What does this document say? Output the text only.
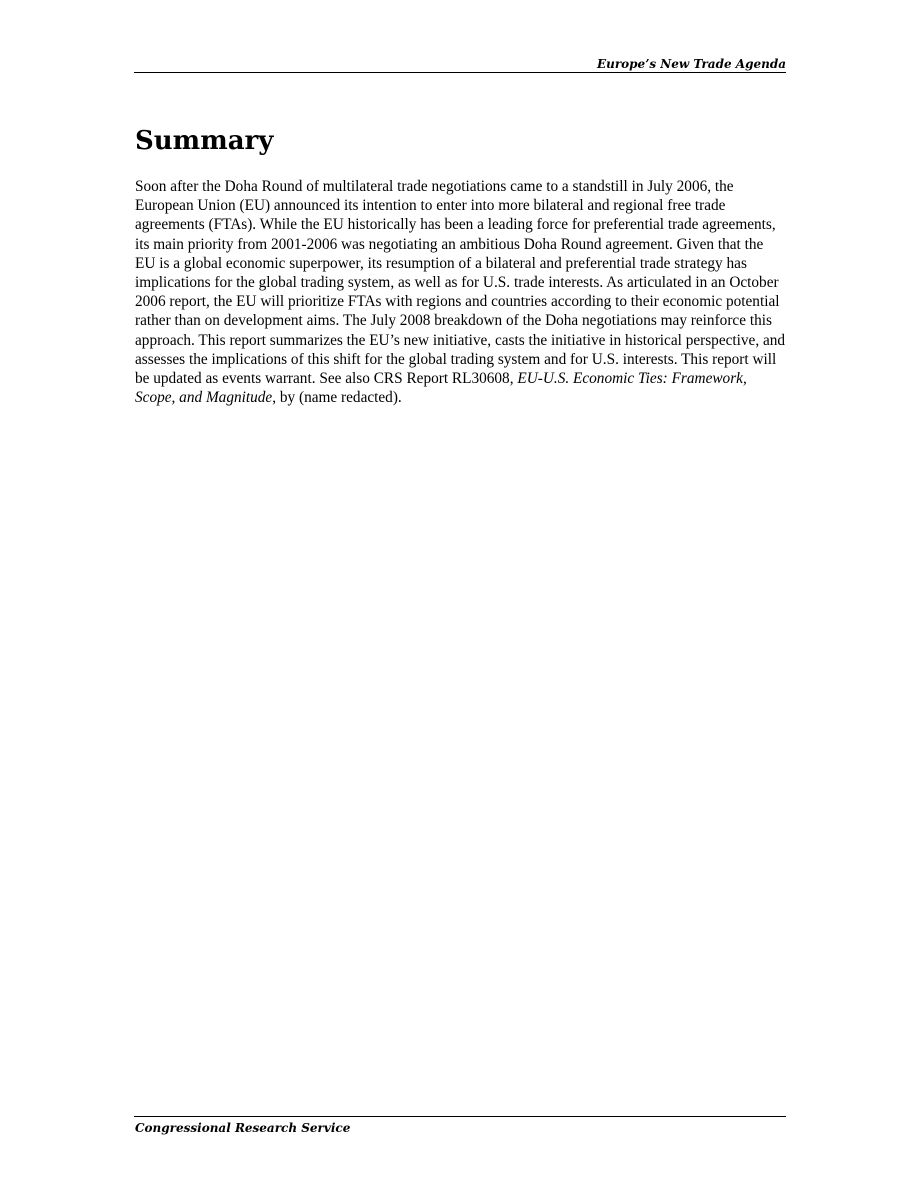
Europe’s New Trade Agenda
Summary

Soon after the Doha Round of multilateral trade negotiations came to a standstill in July 2006, the European Union (EU) announced its intention to enter into more bilateral and regional free trade agreements (FTAs). While the EU historically has been a leading force for preferential trade agreements, its main priority from 2001-2006 was negotiating an ambitious Doha Round agreement. Given that the EU is a global economic superpower, its resumption of a bilateral and preferential trade strategy has implications for the global trading system, as well as for U.S. trade interests. As articulated in an October 2006 report, the EU will prioritize FTAs with regions and countries according to their economic potential rather than on development aims. The July 2008 breakdown of the Doha negotiations may reinforce this approach. This report summarizes the EU’s new initiative, casts the initiative in historical perspective, and assesses the implications of this shift for the global trading system and for U.S. interests. This report will be updated as events warrant. See also CRS Report RL30608, EU-U.S. Economic Ties: Framework, Scope, and Magnitude, by (name redacted).

Congressional Research Service
